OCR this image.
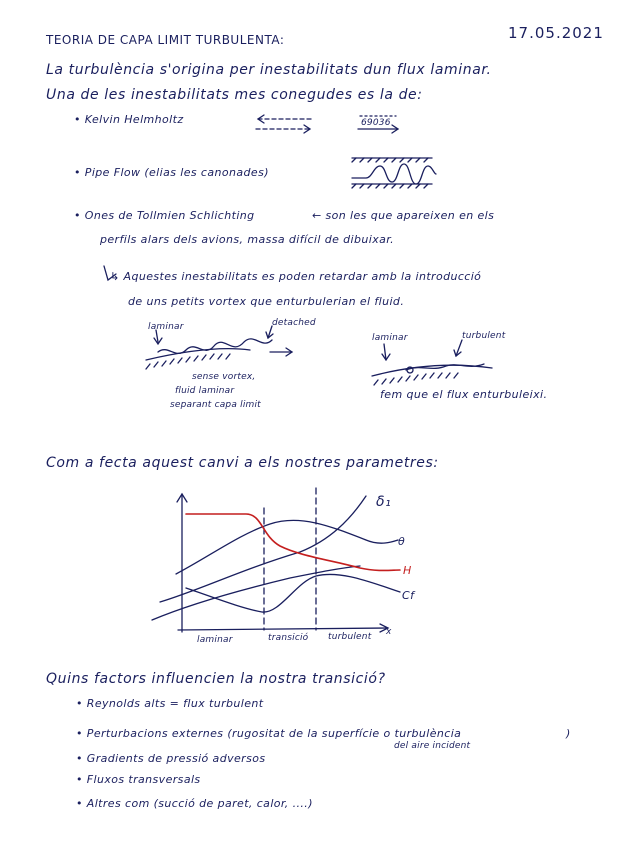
TEORIA DE CAPA LIMIT TURBULENTA:	17.05.2021
La turbulència s'origina per inestabilitats dun flux laminar.
Una de les inestabilitats mes conegudes es la de:
• Kelvin Helmholtz	69036
• Pipe Flow (elias les canonades)
• Ones de Tollmien Schlichting	← son les que apareixen en els
perfils alars dels avions, massa difícil de dibuixar.
↳ Aquestes inestabilitats es poden retardar amb la introducció
de uns petits vortex que enturbulerian el fluid.
laminar	detached
sense vortex,
fluid laminar
separant capa limit
laminar	turbulent
fem que el flux enturbuleixi.
Com a fecta aquest canvi a els nostres parametres:
δ₁
θ
H
Cf
laminar	transició turbulent x
Quins factors influencien la nostra transició?
• Reynolds alts = flux turbulent
• Perturbacions externes (rugositat de la superfície o turbulència	)
del aire incident
• Gradients de pressió adversos
• Fluxos transversals
• Altres com (succió de paret, calor, ....)
